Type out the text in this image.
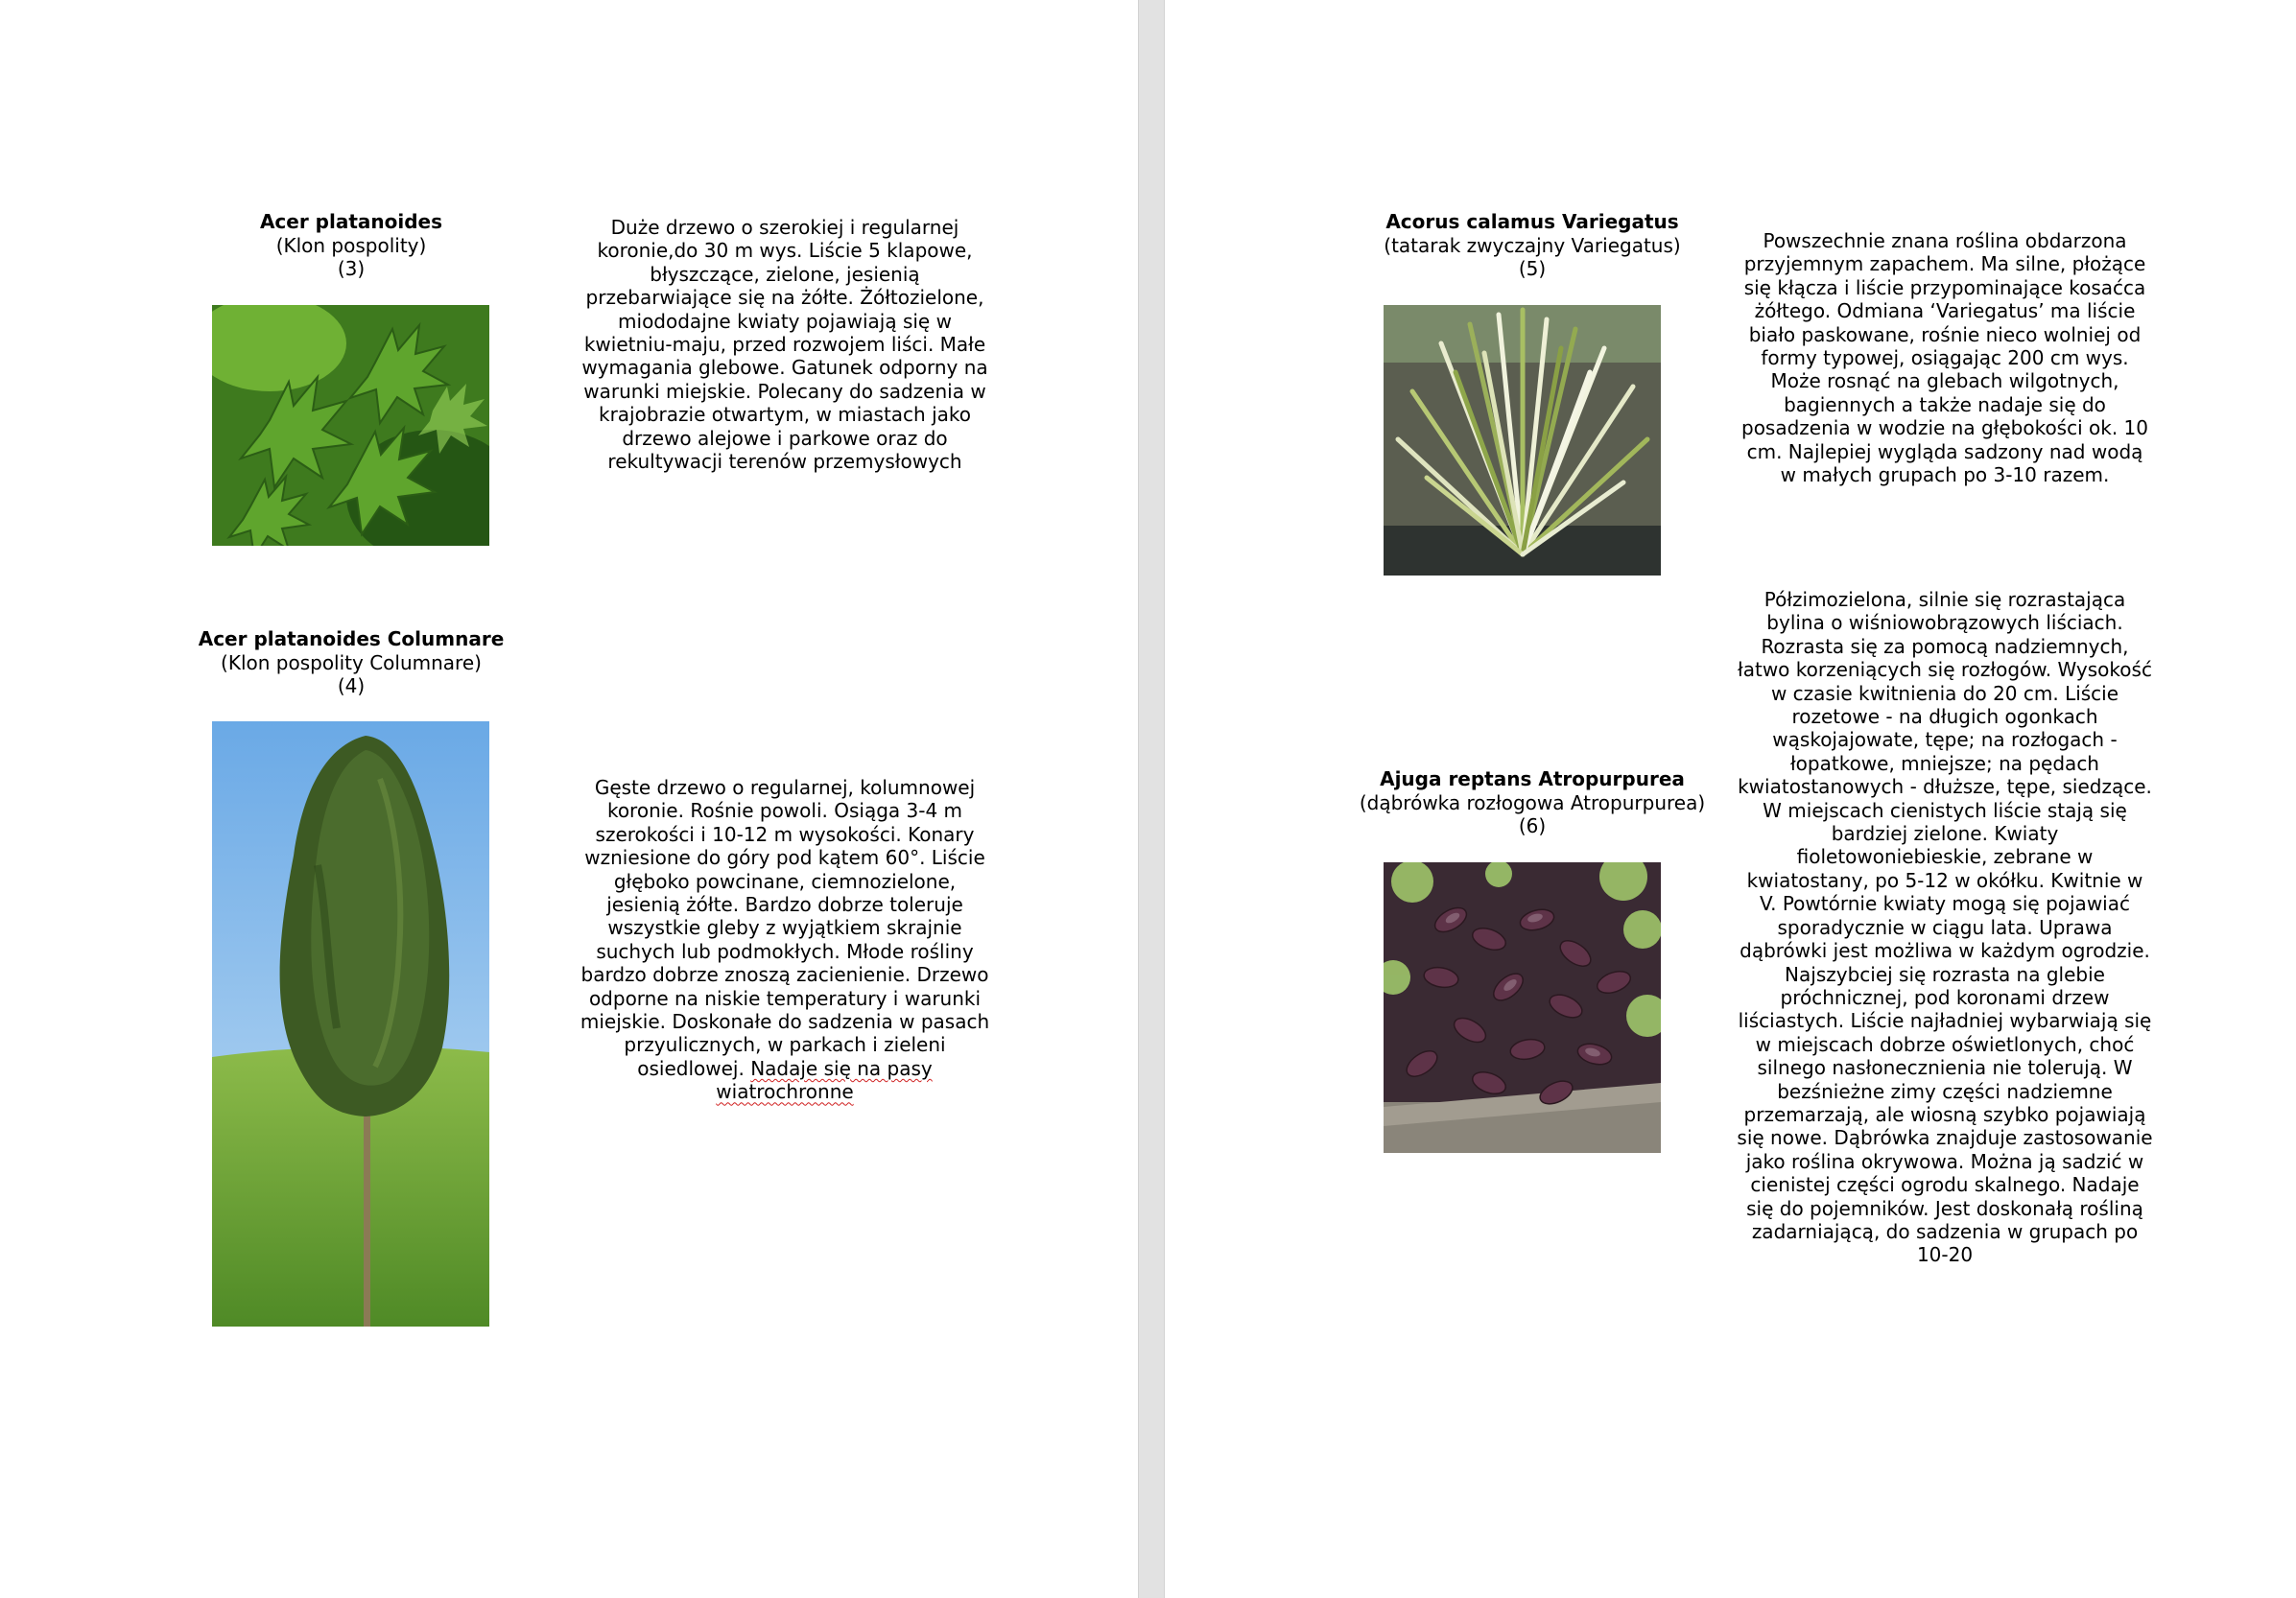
Acer platanoides
(Klon pospolity)
(3)
Duże drzewo o szerokiej i regularnej koronie,do 30 m wys. Liście 5 klapowe, błyszczące, zielone, jesienią przebarwiające się na żółte. Żółtozielone, miododajne kwiaty pojawiają się w kwietniu-maju, przed rozwojem liści. Małe wymagania glebowe. Gatunek odporny na warunki miejskie. Polecany do sadzenia w krajobrazie otwartym, w miastach jako drzewo alejowe i parkowe oraz do rekultywacji terenów przemysłowych
Acer platanoides Columnare
(Klon pospolity Columnare)
(4)
Gęste drzewo o regularnej, kolumnowej koronie. Rośnie powoli. Osiąga 3-4 m szerokości i 10-12 m wysokości. Konary wzniesione do góry pod kątem 60°. Liście głęboko powcinane, ciemnozielone, jesienią żółte. Bardzo dobrze toleruje wszystkie gleby z wyjątkiem skrajnie suchych lub podmokłych. Młode rośliny bardzo dobrze znoszą zacienienie. Drzewo odporne na niskie temperatury i warunki miejskie. Doskonałe do sadzenia w pasach przyulicznych, w parkach i zieleni osiedlowej. Nadaje się na pasy wiatrochronne
Acorus calamus Variegatus
(tatarak zwyczajny Variegatus)
(5)
Powszechnie znana roślina obdarzona przyjemnym zapachem. Ma silne, płożące się kłącza i liście przypominające kosaćca żółtego. Odmiana ‘Variegatus’ ma liście biało paskowane, rośnie nieco wolniej od formy typowej, osiągając 200 cm wys. Może rosnąć na glebach wilgotnych, bagiennych a także nadaje się do posadzenia w wodzie na głębokości ok. 10 cm. Najlepiej wygląda sadzony nad wodą w małych grupach po 3-10 razem.
Ajuga reptans Atropurpurea
(dąbrówka rozłogowa Atropurpurea)
(6)
Półzimozielona, silnie się rozrastająca bylina o wiśniowobrązowych liściach. Rozrasta się za pomocą nadziemnych, łatwo korzeniących się rozłogów. Wysokość w czasie kwitnienia do 20 cm. Liście rozetowe - na długich ogonkach wąskojajowate, tępe; na rozłogach - łopatkowe, mniejsze; na pędach kwiatostanowych - dłuższe, tępe, siedzące. W miejscach cienistych liście stają się bardziej zielone. Kwiaty fioletowoniebieskie, zebrane w kwiatostany, po 5-12 w okółku. Kwitnie w V. Powtórnie kwiaty mogą się pojawiać sporadycznie w ciągu lata. Uprawa dąbrówki jest możliwa w każdym ogrodzie. Najszybciej się rozrasta na glebie próchnicznej, pod koronami drzew liściastych. Liście najładniej wybarwiają się w miejscach dobrze oświetlonych, choć silnego nasłonecznienia nie tolerują. W bezśnieżne zimy części nadziemne przemarzają, ale wiosną szybko pojawiają się nowe. Dąbrówka znajduje zastosowanie jako roślina okrywowa. Można ją sadzić w cienistej części ogrodu skalnego. Nadaje się do pojemników. Jest doskonałą rośliną zadarniającą, do sadzenia w grupach po 10-20
